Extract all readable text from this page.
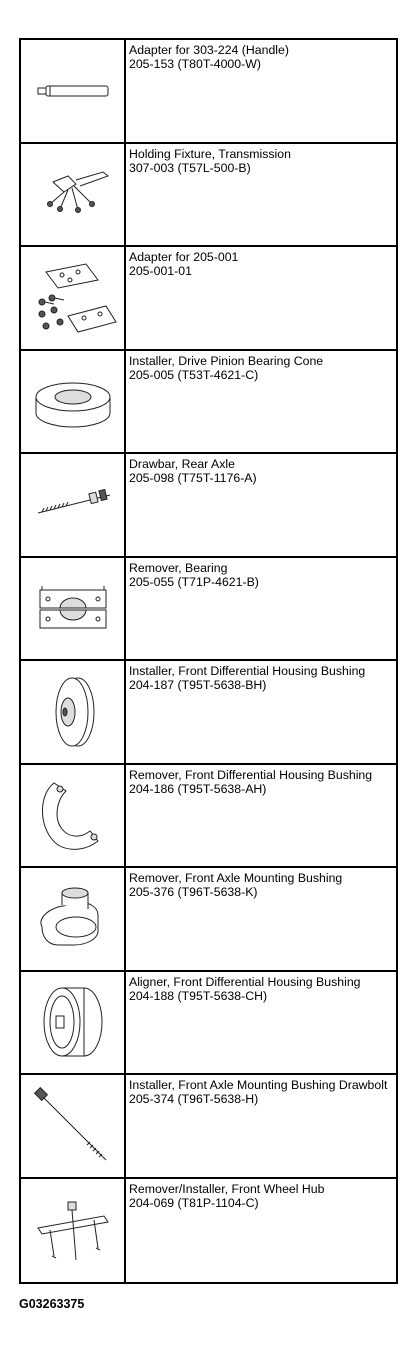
Adapter for 303-224 (Handle)
205-153 (T80T-4000-W)
Holding Fixture, Transmission
307-003 (T57L-500-B)
Adapter for 205-001
205-001-01
Installer, Drive Pinion Bearing Cone
205-005 (T53T-4621-C)
Drawbar, Rear Axle
205-098 (T75T-1176-A)
Remover, Bearing
205-055 (T71P-4621-B)
Installer, Front Differential Housing Bushing
204-187 (T95T-5638-BH)
Remover, Front Differential Housing Bushing
204-186 (T95T-5638-AH)
Remover, Front Axle Mounting Bushing
205-376 (T96T-5638-K)
Aligner, Front Differential Housing Bushing
204-188 (T95T-5638-CH)
Installer, Front Axle Mounting Bushing Drawbolt
205-374 (T96T-5638-H)
Remover/Installer, Front Wheel Hub
204-069 (T81P-1104-C)
G03263375
